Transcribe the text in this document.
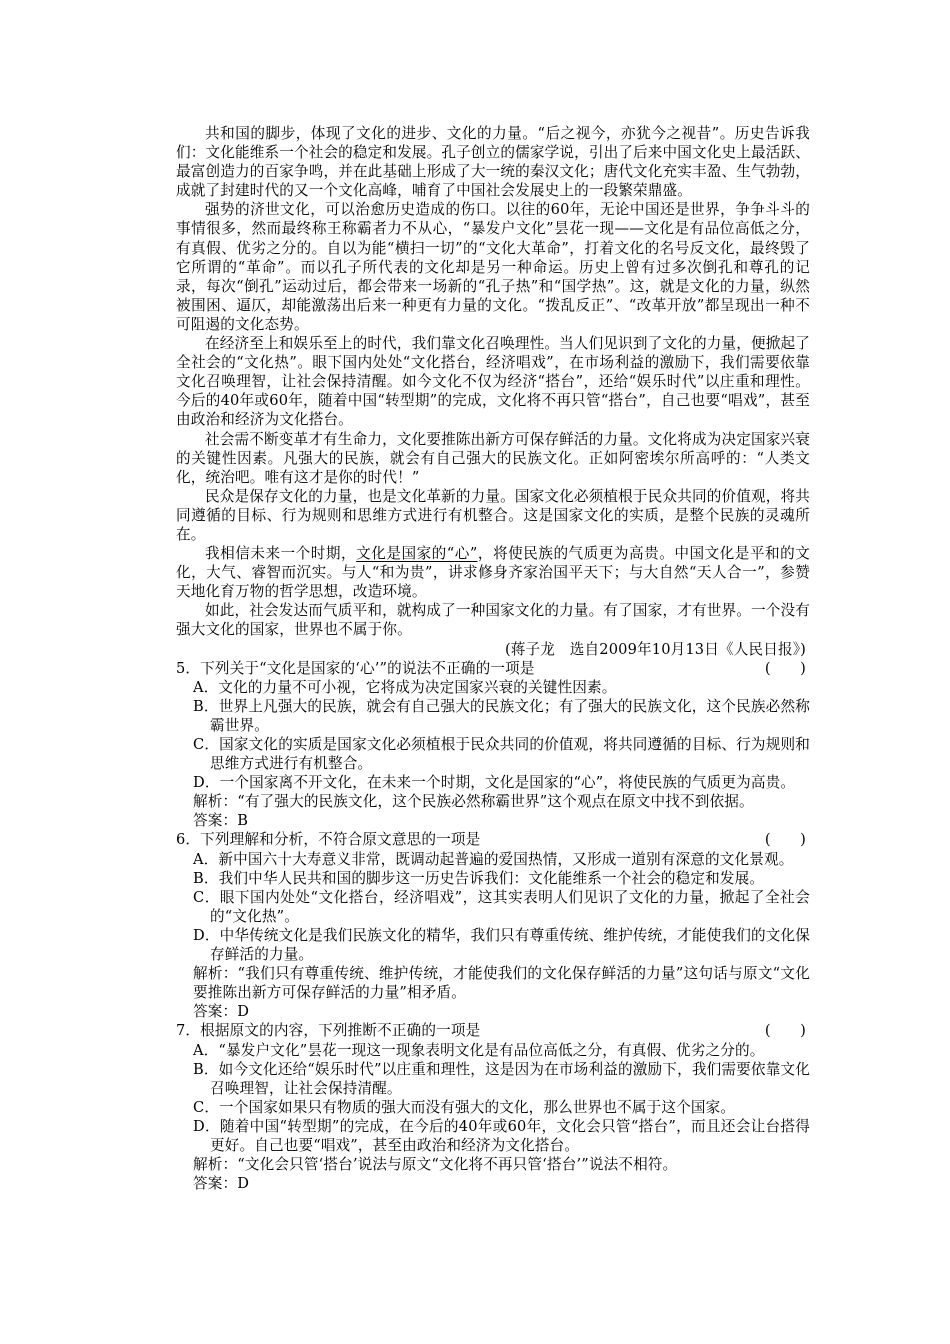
共和国的脚步，体现了文化的进步、文化的力量。“后之视今，亦犹今之视昔”。历史告诉我们：文化能维系一个社会的稳定和发展。孔子创立的儒家学说，引出了后来中国文化史上最活跃、最富创造力的百家争鸣，并在此基础上形成了大一统的秦汉文化；唐代文化充实丰盈、生气勃勃，成就了封建时代的又一个文化高峰，哺育了中国社会发展史上的一段繁荣鼎盛。

强势的济世文化，可以治愈历史造成的伤口。以往的60年，无论中国还是世界，争争斗斗的事情很多，然而最终称王称霸者力不从心，“暴发户文化”昙花一现——文化是有品位高低之分，有真假、优劣之分的。自以为能“横扫一切”的“文化大革命”，打着文化的名号反文化，最终毁了它所谓的“革命”。而以孔子所代表的文化却是另一种命运。历史上曾有过多次倒孔和尊孔的记录，每次“倒孔”运动过后，都会带来一场新的“孔子热”和“国学热”。这，就是文化的力量，纵然被围困、逼仄，却能激荡出后来一种更有力量的文化。“拨乱反正”、“改革开放”都呈现出一种不可阻遏的文化态势。

在经济至上和娱乐至上的时代，我们靠文化召唤理性。当人们见识到了文化的力量，便掀起了全社会的“文化热”。眼下国内处处“文化搭台，经济唱戏”，在市场利益的激励下，我们需要依靠文化召唤理智，让社会保持清醒。如今文化不仅为经济“搭台”，还给“娱乐时代”以庄重和理性。今后的40年或60年，随着中国“转型期”的完成，文化将不再只管“搭台”，自己也要“唱戏”，甚至由政治和经济为文化搭台。

社会需不断变革才有生命力，文化要推陈出新方可保存鲜活的力量。文化将成为决定国家兴衰的关键性因素。凡强大的民族，就会有自己强大的民族文化。正如阿密埃尔所高呼的：“人类文化，统治吧。唯有这才是你的时代！”

民众是保存文化的力量，也是文化革新的力量。国家文化必须植根于民众共同的价值观，将共同遵循的目标、行为规则和思维方式进行有机整合。这是国家文化的实质，是整个民族的灵魂所在。

我相信未来一个时期，文化是国家的“心”，将使民族的气质更为高贵。中国文化是平和的文化，大气、睿智而沉实。与人“和为贵”，讲求修身齐家治国平天下；与大自然“天人合一”，参赞天地化育万物的哲学思想，改造环境。

如此，社会发达而气质平和，就构成了一种国家文化的力量。有了国家，才有世界。一个没有强大文化的国家，世界也不属于你。

(蒋子龙　选自2009年10月13日《人民日报》)

5．下列关于“文化是国家的‘心’”的说法不正确的一项是	(　　)

A．文化的力量不可小视，它将成为决定国家兴衰的关键性因素。

B．世界上凡强大的民族，就会有自己强大的民族文化；有了强大的民族文化，这个民族必然称霸世界。

C．国家文化的实质是国家文化必须植根于民众共同的价值观，将共同遵循的目标、行为规则和思维方式进行有机整合。

D．一个国家离不开文化，在未来一个时期，文化是国家的“心”，将使民族的气质更为高贵。

解析：“有了强大的民族文化，这个民族必然称霸世界”这个观点在原文中找不到依据。

答案：B

6．下列理解和分析，不符合原文意思的一项是	(　　)

A．新中国六十大寿意义非常，既调动起普遍的爱国热情，又形成一道别有深意的文化景观。

B．我们中华人民共和国的脚步这一历史告诉我们：文化能维系一个社会的稳定和发展。

C．眼下国内处处“文化搭台，经济唱戏”，这其实表明人们见识了文化的力量，掀起了全社会的“文化热”。

D．中华传统文化是我们民族文化的精华，我们只有尊重传统、维护传统，才能使我们的文化保存鲜活的力量。

解析：“我们只有尊重传统、维护传统，才能使我们的文化保存鲜活的力量”这句话与原文“文化要推陈出新方可保存鲜活的力量”相矛盾。

答案：D

7．根据原文的内容，下列推断不正确的一项是	(　　)

A．“暴发户文化”昙花一现这一现象表明文化是有品位高低之分，有真假、优劣之分的。

B．如今文化还给“娱乐时代”以庄重和理性，这是因为在市场利益的激励下，我们需要依靠文化召唤理智，让社会保持清醒。

C．一个国家如果只有物质的强大而没有强大的文化，那么世界也不属于这个国家。

D．随着中国“转型期”的完成，在今后的40年或60年，文化会只管“搭台”，而且还会让台搭得更好。自己也要“唱戏”，甚至由政治和经济为文化搭台。

解析：“文化会只管‘搭台’说法与原文“文化将不再只管‘搭台’”说法不相符。

答案：D
